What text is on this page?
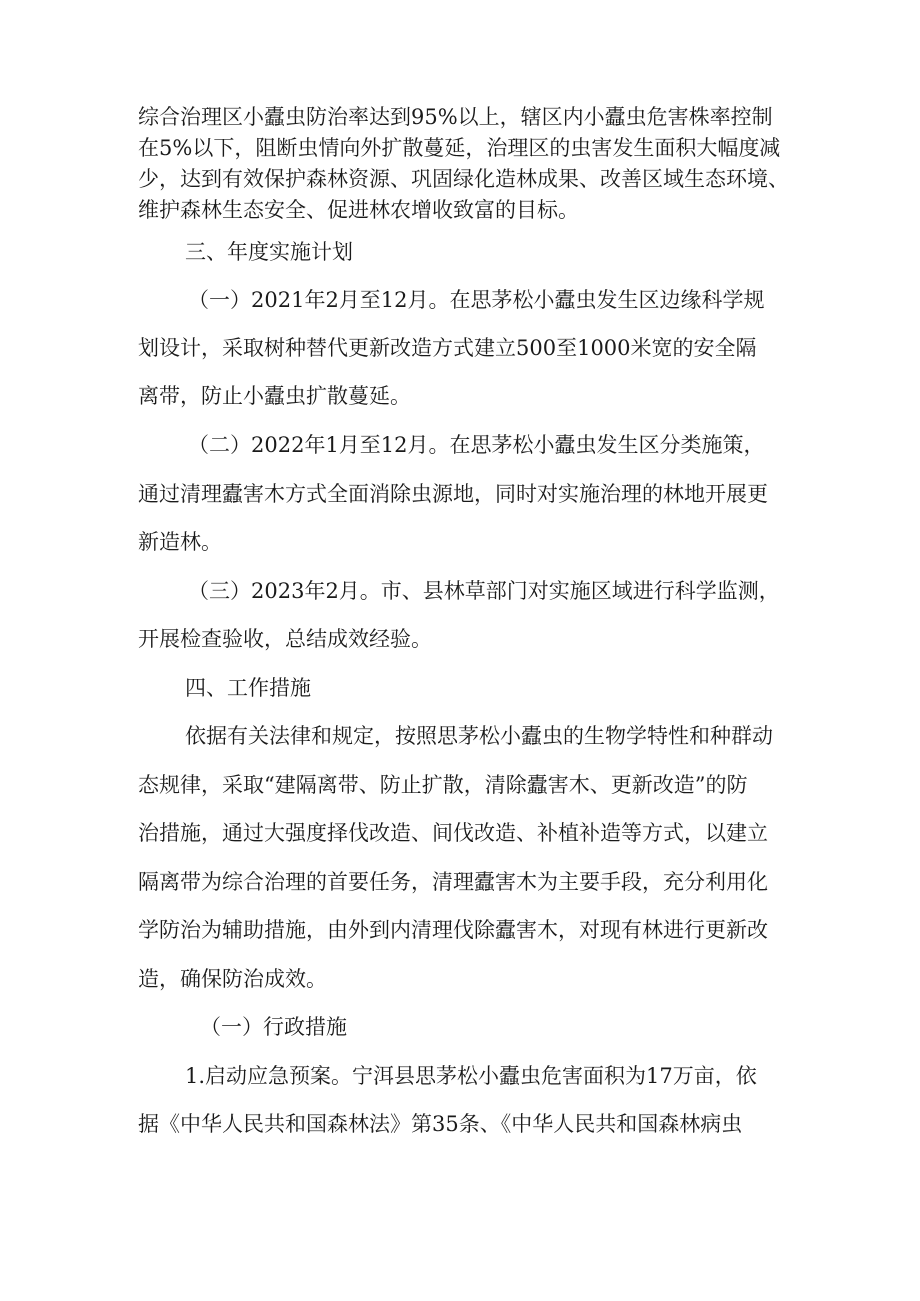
综合治理区小蠹虫防治率达到95%以上，辖区内小蠹虫危害株率控制
在5%以下，阻断虫情向外扩散蔓延，治理区的虫害发生面积大幅度减
少，达到有效保护森林资源、巩固绿化造林成果、改善区域生态环境、
维护森林生态安全、促进林农增收致富的目标。
三、年度实施计划
（一）2021年2月至12月。在思茅松小蠹虫发生区边缘科学规
划设计，采取树种替代更新改造方式建立500至1000米宽的安全隔
离带，防止小蠹虫扩散蔓延。
（二）2022年1月至12月。在思茅松小蠹虫发生区分类施策，
通过清理蠹害木方式全面消除虫源地，同时对实施治理的林地开展更
新造林。
（三）2023年2月。市、县林草部门对实施区域进行科学监测，
开展检查验收，总结成效经验。
四、工作措施
依据有关法律和规定，按照思茅松小蠹虫的生物学特性和种群动
态规律，采取“建隔离带、防止扩散，清除蠹害木、更新改造”的防
治措施，通过大强度择伐改造、间伐改造、补植补造等方式，以建立
隔离带为综合治理的首要任务，清理蠹害木为主要手段，充分利用化
学防治为辅助措施，由外到内清理伐除蠹害木，对现有林进行更新改
造，确保防治成效。
（一）行政措施
1.启动应急预案。宁洱县思茅松小蠹虫危害面积为17万亩，依
据《中华人民共和国森林法》第35条、《中华人民共和国森林病虫
